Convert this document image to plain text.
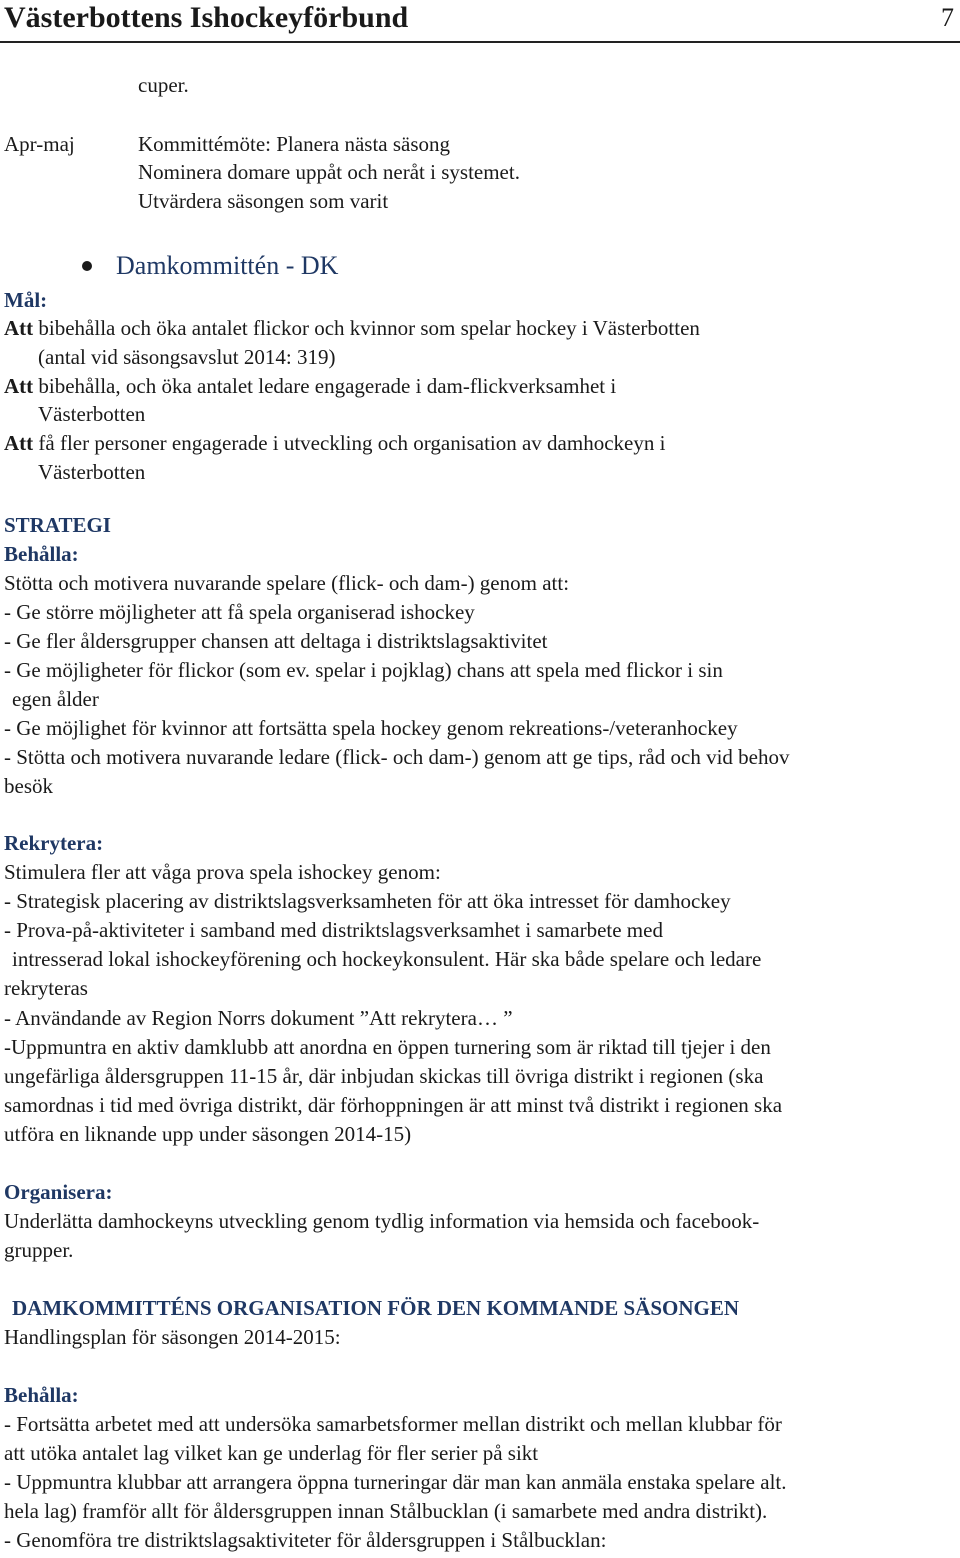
Västerbottens Ishockeyförbund	7
cuper.
Apr-maj	Kommittémöte: Planera nästa säsong
Nominera domare uppåt och neråt i systemet.
Utvärdera säsongen som varit
Damkommittén - DK
Mål:
Att bibehålla och öka antalet flickor och kvinnor som spelar hockey i Västerbotten
(antal vid säsongsavslut 2014: 319)
Att bibehålla, och öka antalet ledare engagerade i dam-flickverksamhet i
Västerbotten
Att få fler personer engagerade i utveckling och organisation av damhockeyn i
Västerbotten
STRATEGI
Behålla:
Stötta och motivera nuvarande spelare (flick- och dam-) genom att:
- Ge större möjligheter att få spela organiserad ishockey
- Ge fler åldersgrupper chansen att deltaga i distriktslagsaktivitet
- Ge möjligheter för flickor (som ev. spelar i pojklag) chans att spela med flickor i sin
egen ålder
- Ge möjlighet för kvinnor att fortsätta spela hockey genom rekreations-/veteranhockey
- Stötta och motivera nuvarande ledare (flick- och dam-) genom att ge tips, råd och vid behov
besök
Rekrytera:
Stimulera fler att våga prova spela ishockey genom:
- Strategisk placering av distriktslagsverksamheten för att öka intresset för damhockey
- Prova-på-aktiviteter i samband med distriktslagsverksamhet i samarbete med
intresserad lokal ishockeyförening och hockeykonsulent. Här ska både spelare och ledare
rekryteras
- Användande av Region Norrs dokument ”Att rekrytera… ”
-Uppmuntra en aktiv damklubb att anordna en öppen turnering som är riktad till tjejer i den
ungefärliga åldersgruppen 11-15 år, där inbjudan skickas till övriga distrikt i regionen (ska
samordnas i tid med övriga distrikt, där förhoppningen är att minst två distrikt i regionen ska
utföra en liknande upp under säsongen 2014-15)
Organisera:
Underlätta damhockeyns utveckling genom tydlig information via hemsida och facebook-
grupper.
DAMKOMMITTÉNS ORGANISATION FÖR DEN KOMMANDE SÄSONGEN
Handlingsplan för säsongen 2014-2015:
Behålla:
- Fortsätta arbetet med att undersöka samarbetsformer mellan distrikt och mellan klubbar för
att utöka antalet lag vilket kan ge underlag för fler serier på sikt
- Uppmuntra klubbar att arrangera öppna turneringar där man kan anmäla enstaka spelare alt.
hela lag) framför allt för åldersgruppen innan Stålbucklan (i samarbete med andra distrikt).
- Genomföra tre distriktslagsaktiviteter för åldersgruppen i Stålbucklan:
